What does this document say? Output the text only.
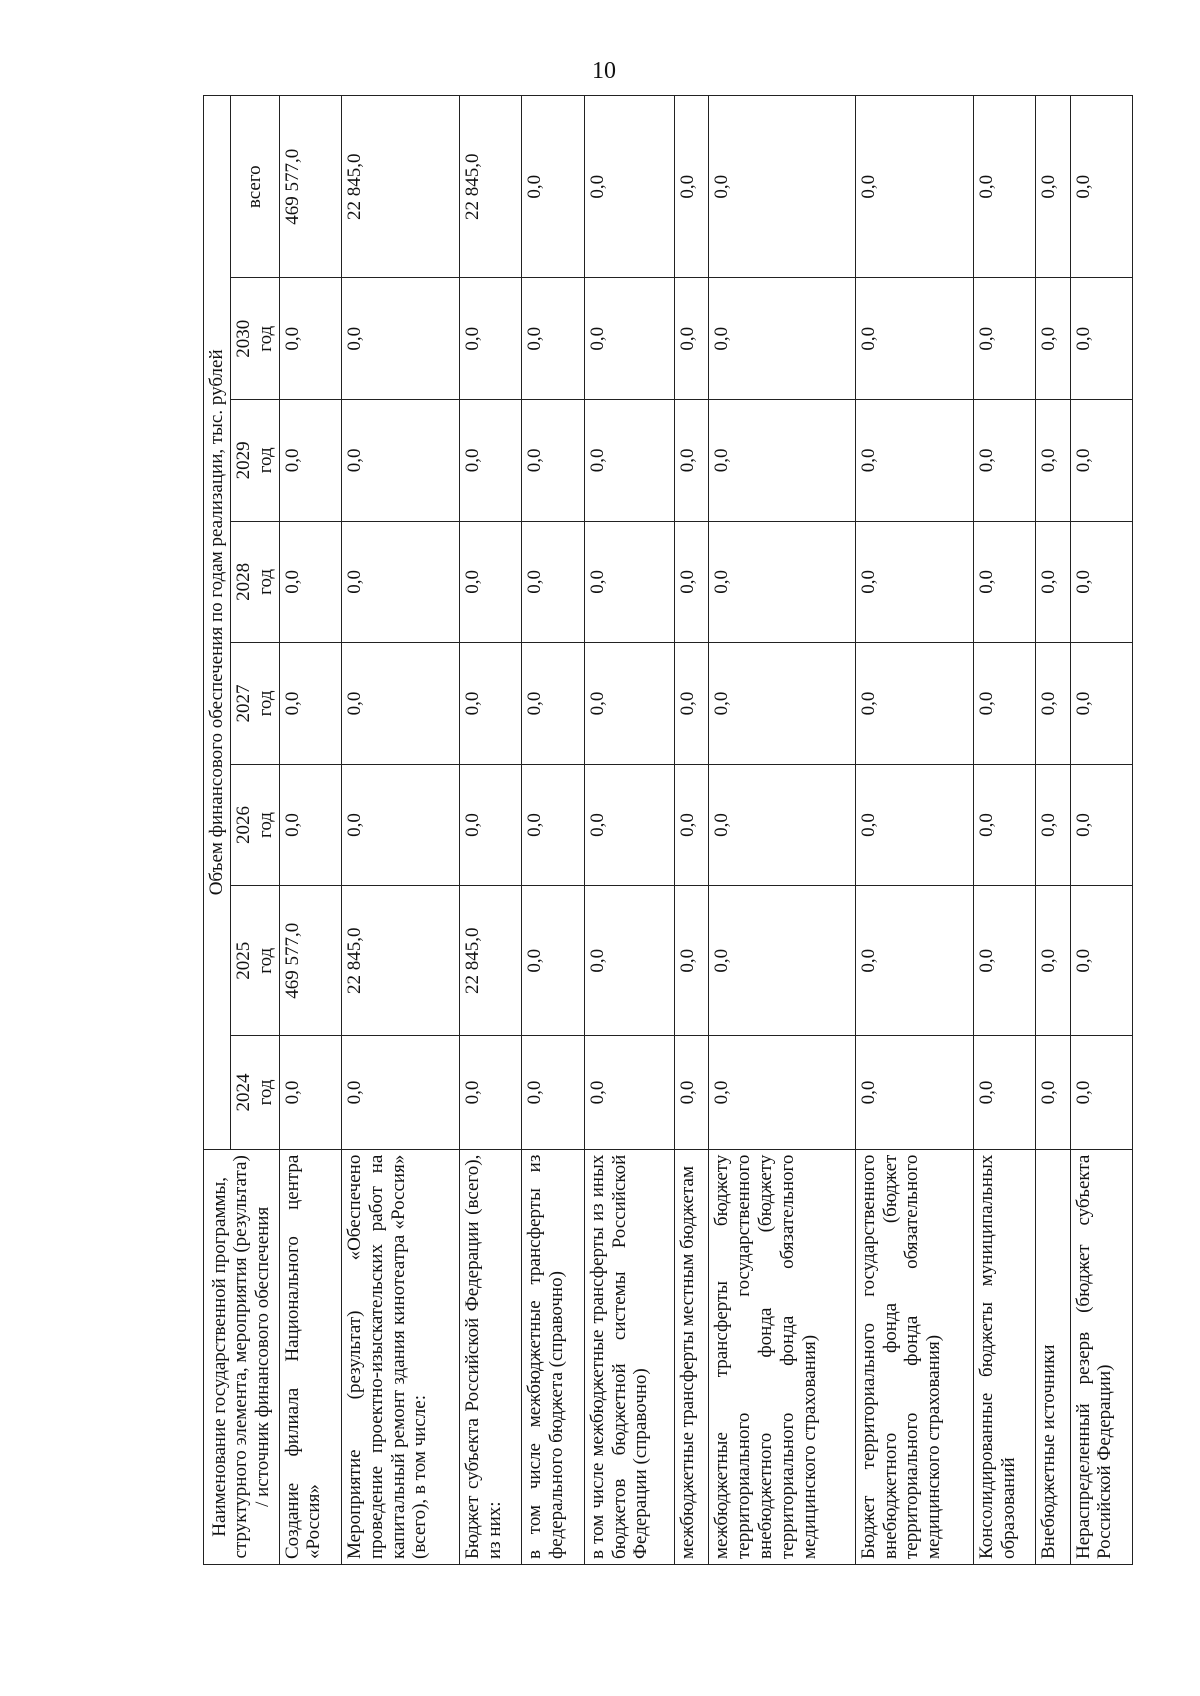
10
Наименование государственной программы, структурного элемента, мероприятия (результата) / источник финансового обеспечения	Объем финансового обеспечения по годам реализации, тыс. рублей							

	2024 год	2025 год	2026 год	2027 год	2028 год	2029 год	2030 год	всего
Создание филиала Национального центра «Россия»	0,0	469 577,0	0,0	0,0	0,0	0,0	0,0	469 577,0
Мероприятие (результат) «Обеспечено проведение проектно-изыскательских работ на капитальный ремонт здания кинотеатра «Россия» (всего), в том числе:	0,0	22 845,0	0,0	0,0	0,0	0,0	0,0	22 845,0
Бюджет субъекта Российской Федерации (всего), из них:	0,0	22 845,0	0,0	0,0	0,0	0,0	0,0	22 845,0
в том числе межбюджетные трансферты из федерального бюджета (справочно)	0,0	0,0	0,0	0,0	0,0	0,0	0,0	0,0
в том числе межбюджетные трансферты из иных бюджетов бюджетной системы Российской Федерации (справочно)	0,0	0,0	0,0	0,0	0,0	0,0	0,0	0,0
межбюджетные трансферты местным бюджетам	0,0	0,0	0,0	0,0	0,0	0,0	0,0	0,0
межбюджетные трансферты бюджету территориального государственного внебюджетного фонда (бюджету территориального фонда обязательного медицинского страхования)	0,0	0,0	0,0	0,0	0,0	0,0	0,0	0,0
Бюджет территориального государственного внебюджетного фонда (бюджет территориального фонда обязательного медицинского страхования)	0,0	0,0	0,0	0,0	0,0	0,0	0,0	0,0
Консолидированные бюджеты муниципальных образований	0,0	0,0	0,0	0,0	0,0	0,0	0,0	0,0
Внебюджетные источники	0,0	0,0	0,0	0,0	0,0	0,0	0,0	0,0
Нераспределенный резерв (бюджет субъекта Российской Федерации)	0,0	0,0	0,0	0,0	0,0	0,0	0,0	0,0
